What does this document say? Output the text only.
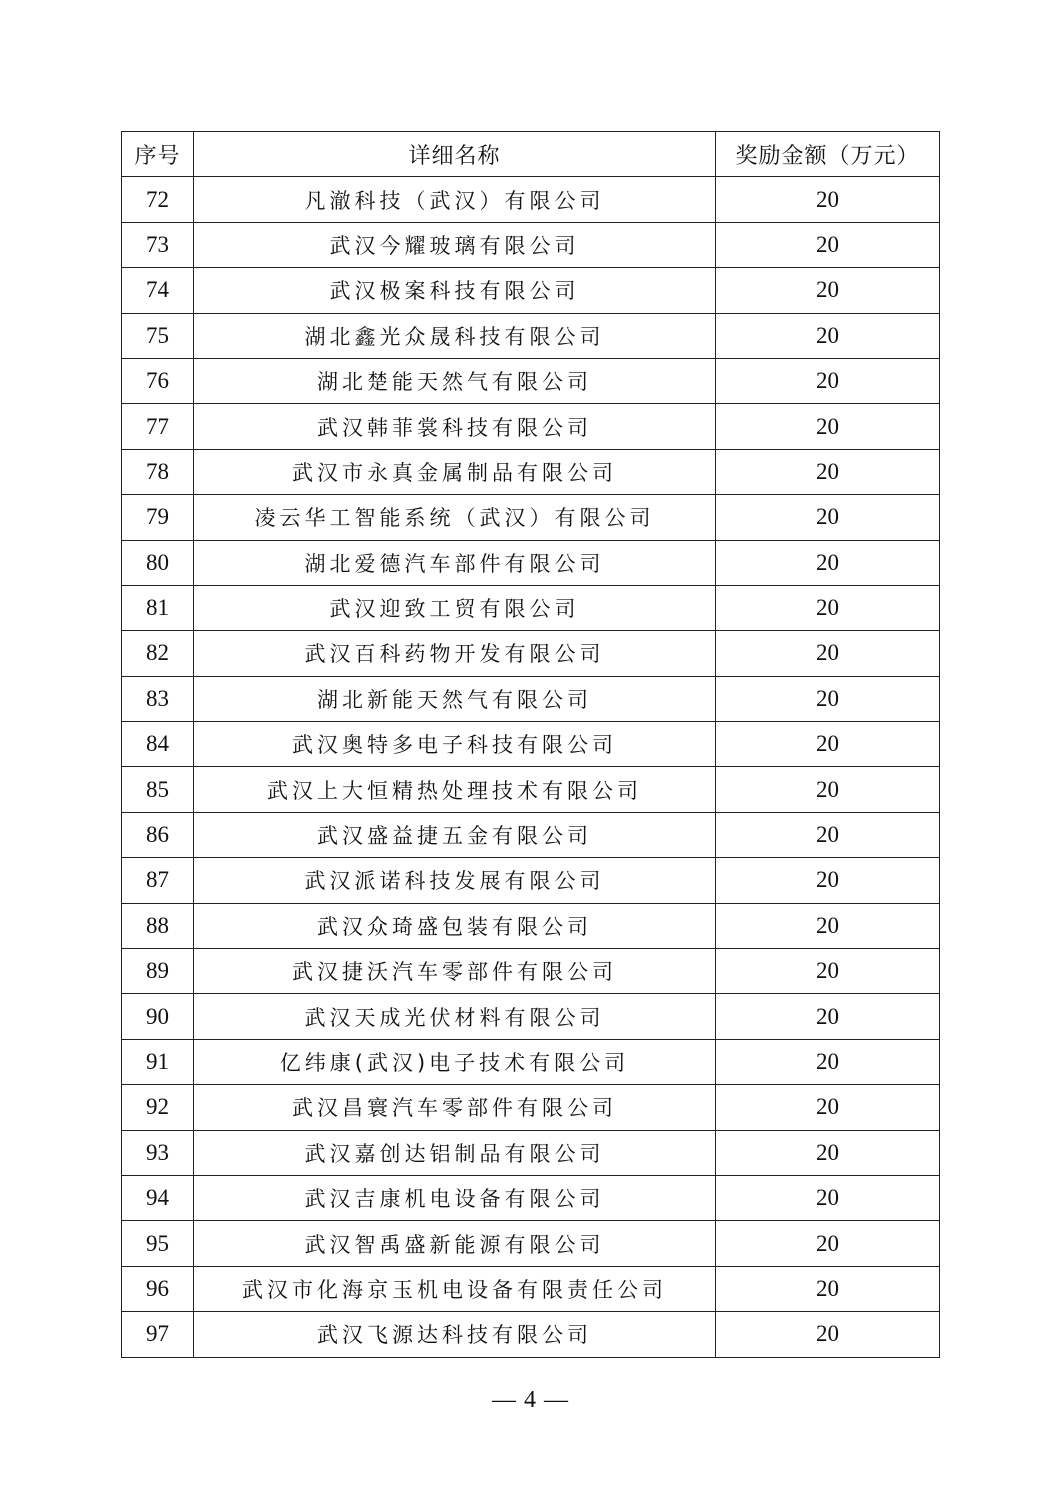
序号	详细名称	奖励金额（万元）
72	凡澈科技（武汉）有限公司	20
73	武汉今耀玻璃有限公司	20
74	武汉极案科技有限公司	20
75	湖北鑫光众晟科技有限公司	20
76	湖北楚能天然气有限公司	20
77	武汉韩菲裳科技有限公司	20
78	武汉市永真金属制品有限公司	20
79	凌云华工智能系统（武汉）有限公司	20
80	湖北爱德汽车部件有限公司	20
81	武汉迎致工贸有限公司	20
82	武汉百科药物开发有限公司	20
83	湖北新能天然气有限公司	20
84	武汉奥特多电子科技有限公司	20
85	武汉上大恒精热处理技术有限公司	20
86	武汉盛益捷五金有限公司	20
87	武汉派诺科技发展有限公司	20
88	武汉众琦盛包装有限公司	20
89	武汉捷沃汽车零部件有限公司	20
90	武汉天成光伏材料有限公司	20
91	亿纬康(武汉)电子技术有限公司	20
92	武汉昌寰汽车零部件有限公司	20
93	武汉嘉创达铝制品有限公司	20
94	武汉吉康机电设备有限公司	20
95	武汉智禹盛新能源有限公司	20
96	武汉市化海京玉机电设备有限责任公司	20
97	武汉飞源达科技有限公司	20
— 4 —
